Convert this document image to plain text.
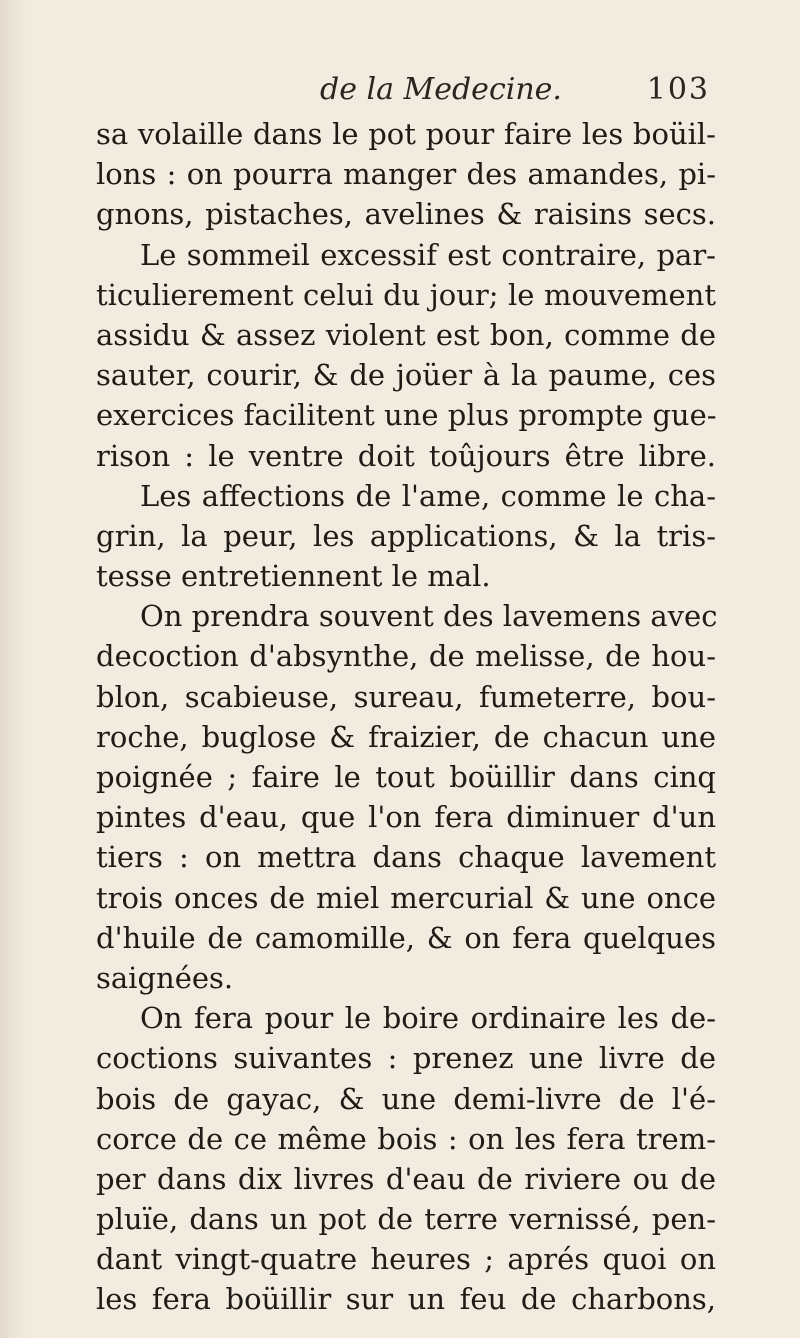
de la Medecine.	103
sa volaille dans le pot pour faire les boüil-
lons : on pourra manger des amandes, pi-
gnons, pistaches, avelines & raisins secs.
Le sommeil excessif est contraire, par-
ticulierement celui du jour; le mouvement
assidu & assez violent est bon, comme de
sauter, courir, & de joüer à la paume, ces
exercices facilitent une plus prompte gue-
rison : le ventre doit toûjours être libre.
Les affections de l'ame, comme le cha-
grin, la peur, les applications, & la tris-
tesse entretiennent le mal.
On prendra souvent des lavemens avec
decoction d'absynthe, de melisse, de hou-
blon, scabieuse, sureau, fumeterre, bou-
roche, buglose & fraizier, de chacun une
poignée ; faire le tout boüillir dans cinq
pintes d'eau, que l'on fera diminuer d'un
tiers : on mettra dans chaque lavement
trois onces de miel mercurial & une once
d'huile de camomille, & on fera quelques
saignées.
On fera pour le boire ordinaire les de-
coctions suivantes : prenez une livre de
bois de gayac, & une demi-livre de l'é-
corce de ce même bois : on les fera trem-
per dans dix livres d'eau de riviere ou de
pluïe, dans un pot de terre vernissé, pen-
dant vingt-quatre heures ; aprés quoi on
les fera boüillir sur un feu de charbons,
